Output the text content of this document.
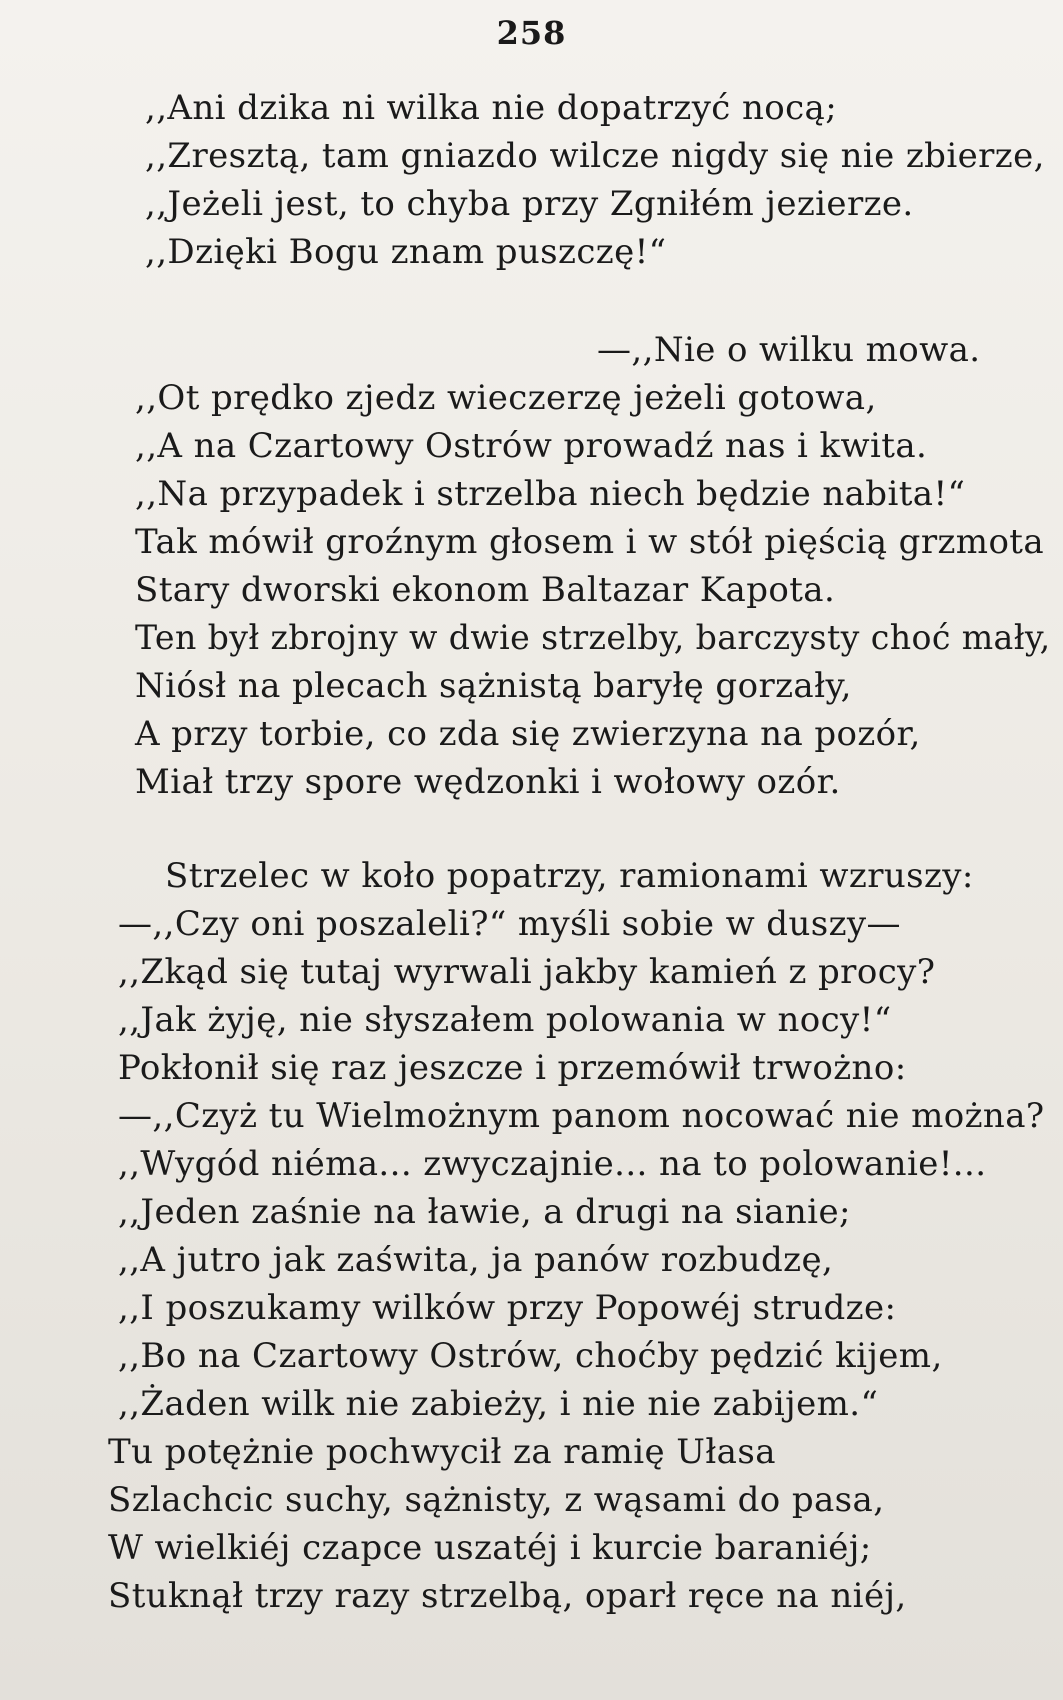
258
,,Ani dzika ni wilka nie dopatrzyć nocą;
,,Zresztą, tam gniazdo wilcze nigdy się nie zbierze,
,,Jeżeli jest, to chyba przy Zgniłém jezierze.
,,Dzięki Bogu znam puszczę!“
—,,Nie o wilku mowa.
,,Ot prędko zjedz wieczerzę jeżeli gotowa,
,,A na Czartowy Ostrów prowadź nas i kwita.
,,Na przypadek i strzelba niech będzie nabita!“
Tak mówił groźnym głosem i w stół pięścią grzmota
Stary dworski ekonom Baltazar Kapota.
Ten był zbrojny w dwie strzelby, barczysty choć mały,
Niósł na plecach sążnistą baryłę gorzały,
A przy torbie, co zda się zwierzyna na pozór,
Miał trzy spore wędzonki i wołowy ozór.
Strzelec w koło popatrzy, ramionami wzruszy:
—,,Czy oni poszaleli?“ myśli sobie w duszy—
,,Zkąd się tutaj wyrwali jakby kamień z procy?
,,Jak żyję, nie słyszałem polowania w nocy!“
Pokłonił się raz jeszcze i przemówił trwożno:
—,,Czyż tu Wielmożnym panom nocować nie można?
,,Wygód niéma... zwyczajnie... na to polowanie!...
,,Jeden zaśnie na ławie, a drugi na sianie;
,,A jutro jak zaświta, ja panów rozbudzę,
,,I poszukamy wilków przy Popowéj strudze:
,,Bo na Czartowy Ostrów, choćby pędzić kijem,
,,Żaden wilk nie zabieży, i nie nie zabijem.“
Tu potężnie pochwycił za ramię Ułasa
Szlachcic suchy, sążnisty, z wąsami do pasa,
W wielkiéj czapce uszatéj i kurcie baraniéj;
Stuknął trzy razy strzelbą, oparł ręce na niéj,
